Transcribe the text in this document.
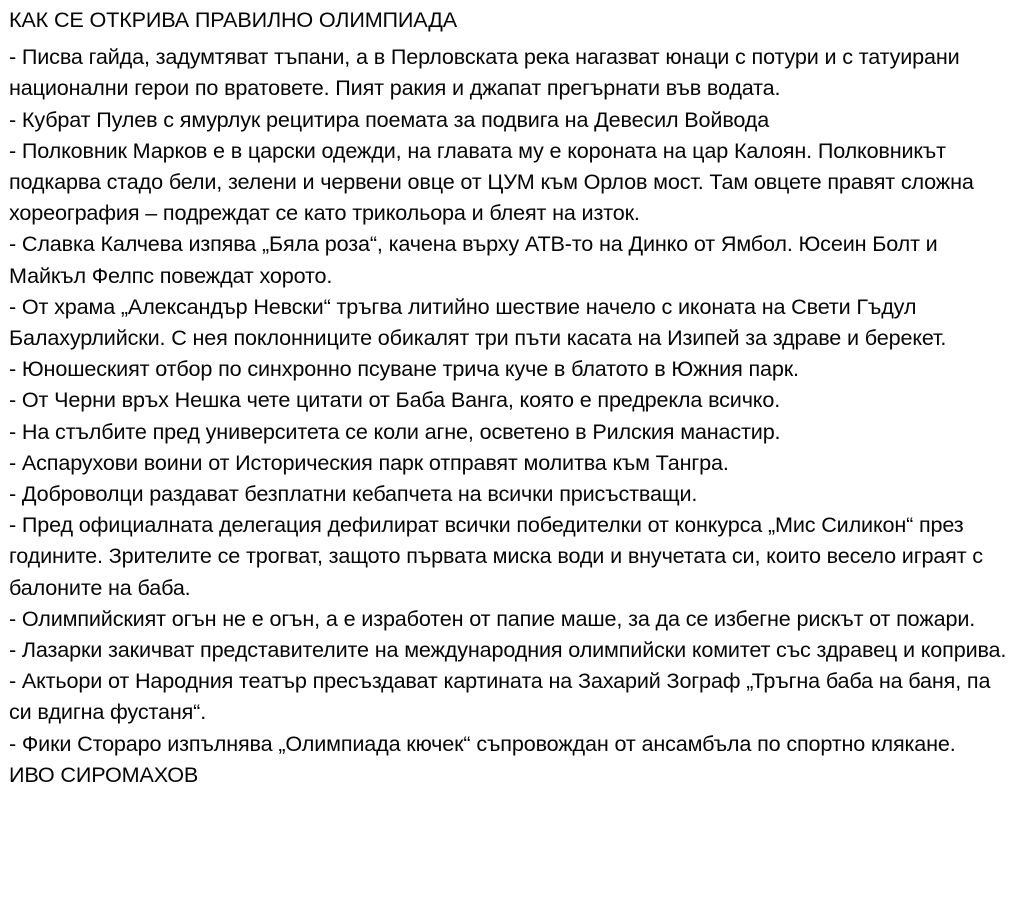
КАК СЕ ОТКРИВА ПРАВИЛНО ОЛИМПИАДА

- Писва гайда, задумтяват тъпани, а в Перловската река нагазват юнаци с потури и с татуирани национални герои по вратовете. Пият ракия и джапат прегърнати във водата.

- Кубрат Пулев с ямурлук рецитира поемата за подвига на Девесил Войвода

- Полковник Марков е в царски одежди, на главата му е короната на цар Калоян. Полковникът подкарва стадо бели, зелени и червени овце от ЦУМ към Орлов мост. Там овцете правят сложна хореография – подреждат се като трикольора и блеят на изток.

- Славка Калчева изпява „Бяла роза“, качена върху АТВ-то на Динко от Ямбол. Юсеин Болт и Майкъл Фелпс повеждат хорото.

- От храма „Александър Невски“ тръгва литийно шествие начело с иконата на Свети Гъдул Балахурлийски. С нея поклонниците обикалят три пъти касата на Изипей за здраве и берекет.

- Юношеският отбор по синхронно псуване трича куче в блатото в Южния парк.

- От Черни връх Нешка чете цитати от Баба Ванга, която е предрекла всичко.

- На стълбите пред университета се коли агне, осветено в Рилския манастир.

- Аспарухови воини от Историческия парк отправят молитва към Тангра.

- Доброволци раздават безплатни кебапчета на всички присъстващи.

- Пред официалната делегация дефилират всички победителки от конкурса „Мис Силикон“ през годините. Зрителите се трогват, защото първата миска води и внучетата си, които весело играят с балоните на баба.

- Олимпийският огън не е огън, а е изработен от папие маше, за да се избегне рискът от пожари.

- Лазарки закичват представителите на международния олимпийски комитет със здравец и коприва.

- Актьори от Народния театър пресъздават картината на Захарий Зограф „Тръгна баба на баня, па си вдигна фустаня“.

- Фики Стораро изпълнява „Олимпиада кючек“ съпровождан от ансамбъла по спортно клякане.

ИВО СИРОМАХОВ
